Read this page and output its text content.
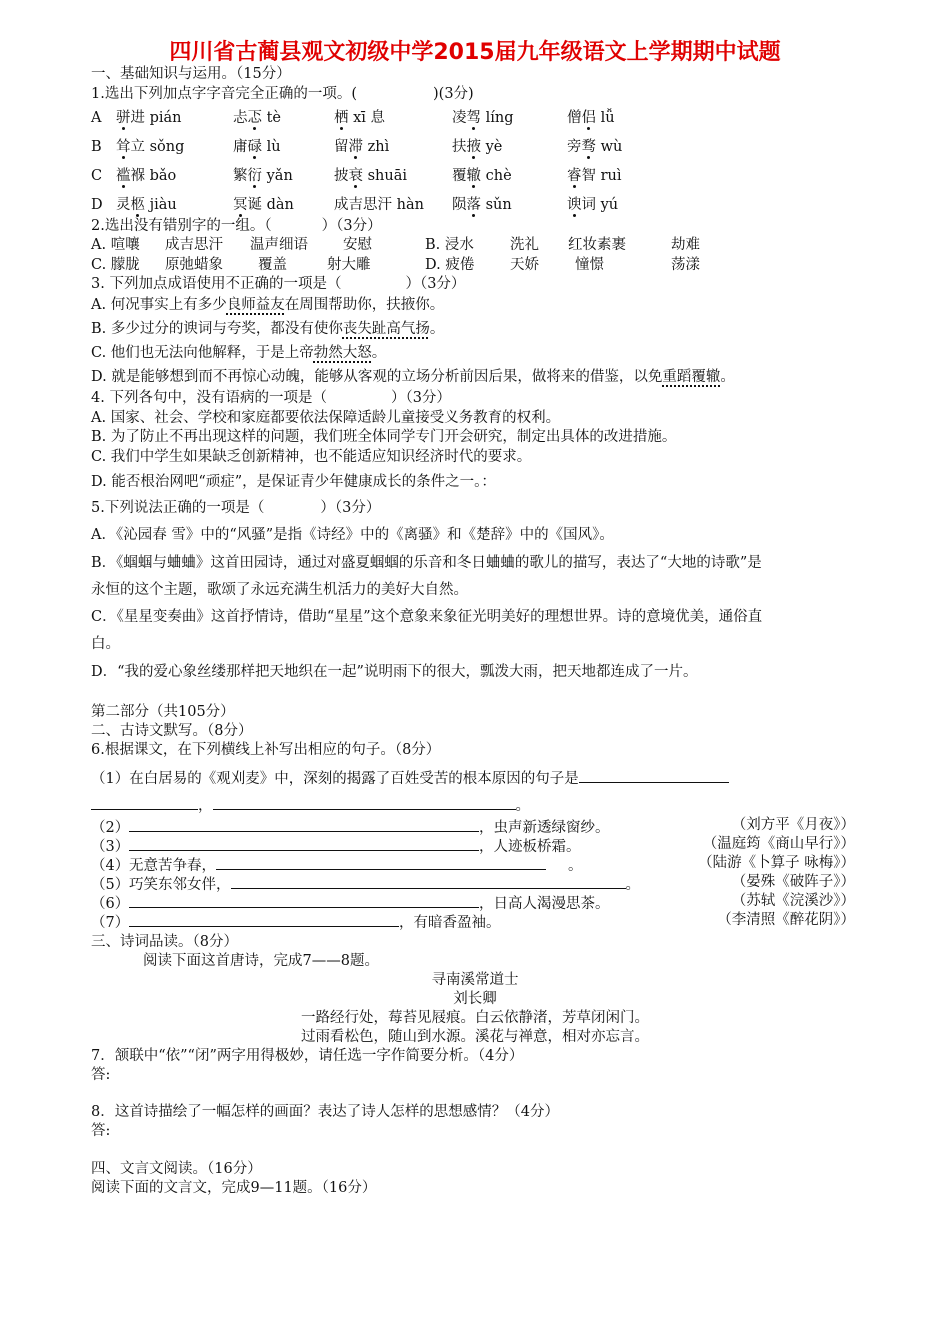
四川省古蔺县观文初级中学2015届九年级语文上学期期中试题
一、基础知识与运用。（15分）
1.选出下列加点字字音完全正确的一项。(	)(3分)
A 骈进 pián	忐忑 tè	栖 xī 息	凌驾 líng	僧侣 lǚ
B 耸立 sǒng	庸碌 lù	留滞 zhì	扶掖 yè	旁骛 wù
C 褴褓 bǎo	繁衍 yǎn	披衰 shuāi	覆辙 chè	睿智 ruì
D 灵柩 jiàu	冥诞 dàn	成吉思汗 hàn 陨落 sǔn	谀词 yú
2.选出没有错别字的一组。（	）（3分）
A. 喧嚷 成吉思汗 温声细语 安慰	B. 浸水 洗礼 红妆素裹	劫难
C. 朦胧 原弛蜡象 覆盖	射大雕	D. 疲倦 天娇 憧憬	荡漾
3. 下列加点成语使用不正确的一项是（	）（3分）
A. 何况事实上有多少良师益友在周围帮助你，扶掖你。
B. 多少过分的谀词与夸奖，都没有使你丧失趾高气扬。
C. 他们也无法向他解释，于是上帝勃然大怒。
D. 就是能够想到而不再惊心动魄，能够从客观的立场分析前因后果，做将来的借鉴，以免重蹈覆辙。
4. 下列各句中，没有语病的一项是（	）（3分）
A. 国家、社会、学校和家庭都要依法保障适龄儿童接受义务教育的权利。
B. 为了防止不再出现这样的问题，我们班全体同学专门开会研究，制定出具体的改进措施。
C. 我们中学生如果缺乏创新精神，也不能适应知识经济时代的要求。
D. 能否根治网吧“顽症”，是保证青少年健康成长的条件之一。：
5.下列说法正确的一项是（	）（3分）
A．《沁园春 雪》中的“风骚”是指《诗经》中的《离骚》和《楚辞》中的《国风》。
B．《蝈蝈与蛐蛐》这首田园诗，通过对盛夏蝈蝈的乐音和冬日蛐蛐的歌儿的描写，表达了“大地的诗歌”是
永恒的这个主题，歌颂了永远充满生机活力的美好大自然。
C．《星星变奏曲》这首抒情诗，借助“星星”这个意象来象征光明美好的理想世界。诗的意境优美，通俗直
白。
D．“我的爱心象丝缕那样把天地织在一起”说明雨下的很大，瓢泼大雨，把天地都连成了一片。
第二部分（共105分）
二、古诗文默写。（8分）
6.根据课文，在下列横线上补写出相应的句子。（8分）
（1）在白居易的《观刈麦》中，深刻的揭露了百姓受苦的根本原因的句子是
，	。
（2）	，虫声新透绿窗纱。	（刘方平《月夜》）
（3）	，人迹板桥霜。	（温庭筠《商山早行》）
（4）无意苦争春，	。	（陆游《卜算子 咏梅》）
（5）巧笑东邻女伴，	。	（晏殊《破阵子》）
（6）	，日高人渴漫思茶。	（苏轼《浣溪沙》）
（7）	，有暗香盈袖。	（李清照《醉花阴》）
三、诗词品读。（8分）
阅读下面这首唐诗，完成7——8题。
寻南溪常道士
刘长卿
一路经行处，莓苔见屐痕。白云依静渚，芳草闭闲门。
过雨看松色，随山到水源。溪花与禅意，相对亦忘言。
7．颔联中“依”“闭”两字用得极妙，请任选一字作简要分析。（4分）
答:
8．这首诗描绘了一幅怎样的画面？表达了诗人怎样的思想感情？（4分）
答:
四、文言文阅读。（16分）
阅读下面的文言文，完成9—11题。（16分）
